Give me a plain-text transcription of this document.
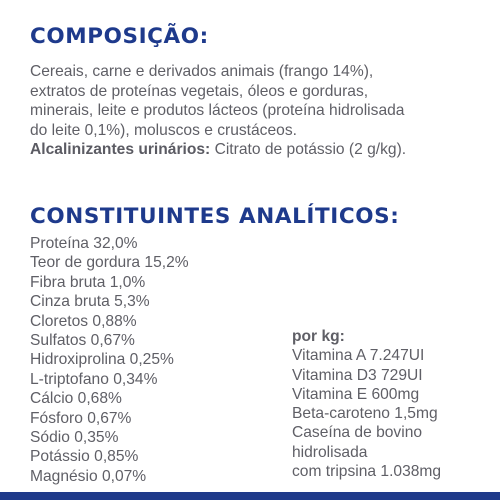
COMPOSIÇÃO:

Cereais, carne e derivados animais (frango 14%),
extratos de proteínas vegetais, óleos e gorduras,
minerais, leite e produtos lácteos (proteína hidrolisada
do leite 0,1%), moluscos e crustáceos.
Alcalinizantes urinários: Citrato de potássio (2 g/kg).

CONSTITUINTES ANALÍTICOS:
Proteína 32,0%
Teor de gordura 15,2%
Fibra bruta 1,0%
Cinza bruta 5,3%
Cloretos 0,88%
Sulfatos 0,67%
Hidroxiprolina 0,25%
L-triptofano 0,34%
Cálcio 0,68%
Fósforo 0,67%
Sódio 0,35%
Potássio 0,85%
Magnésio 0,07%
por kg:
Vitamina A 7.247UI
Vitamina D3 729UI
Vitamina E 600mg
Beta-caroteno 1,5mg
Caseína de bovino
hidrolisada
com tripsina 1.038mg
